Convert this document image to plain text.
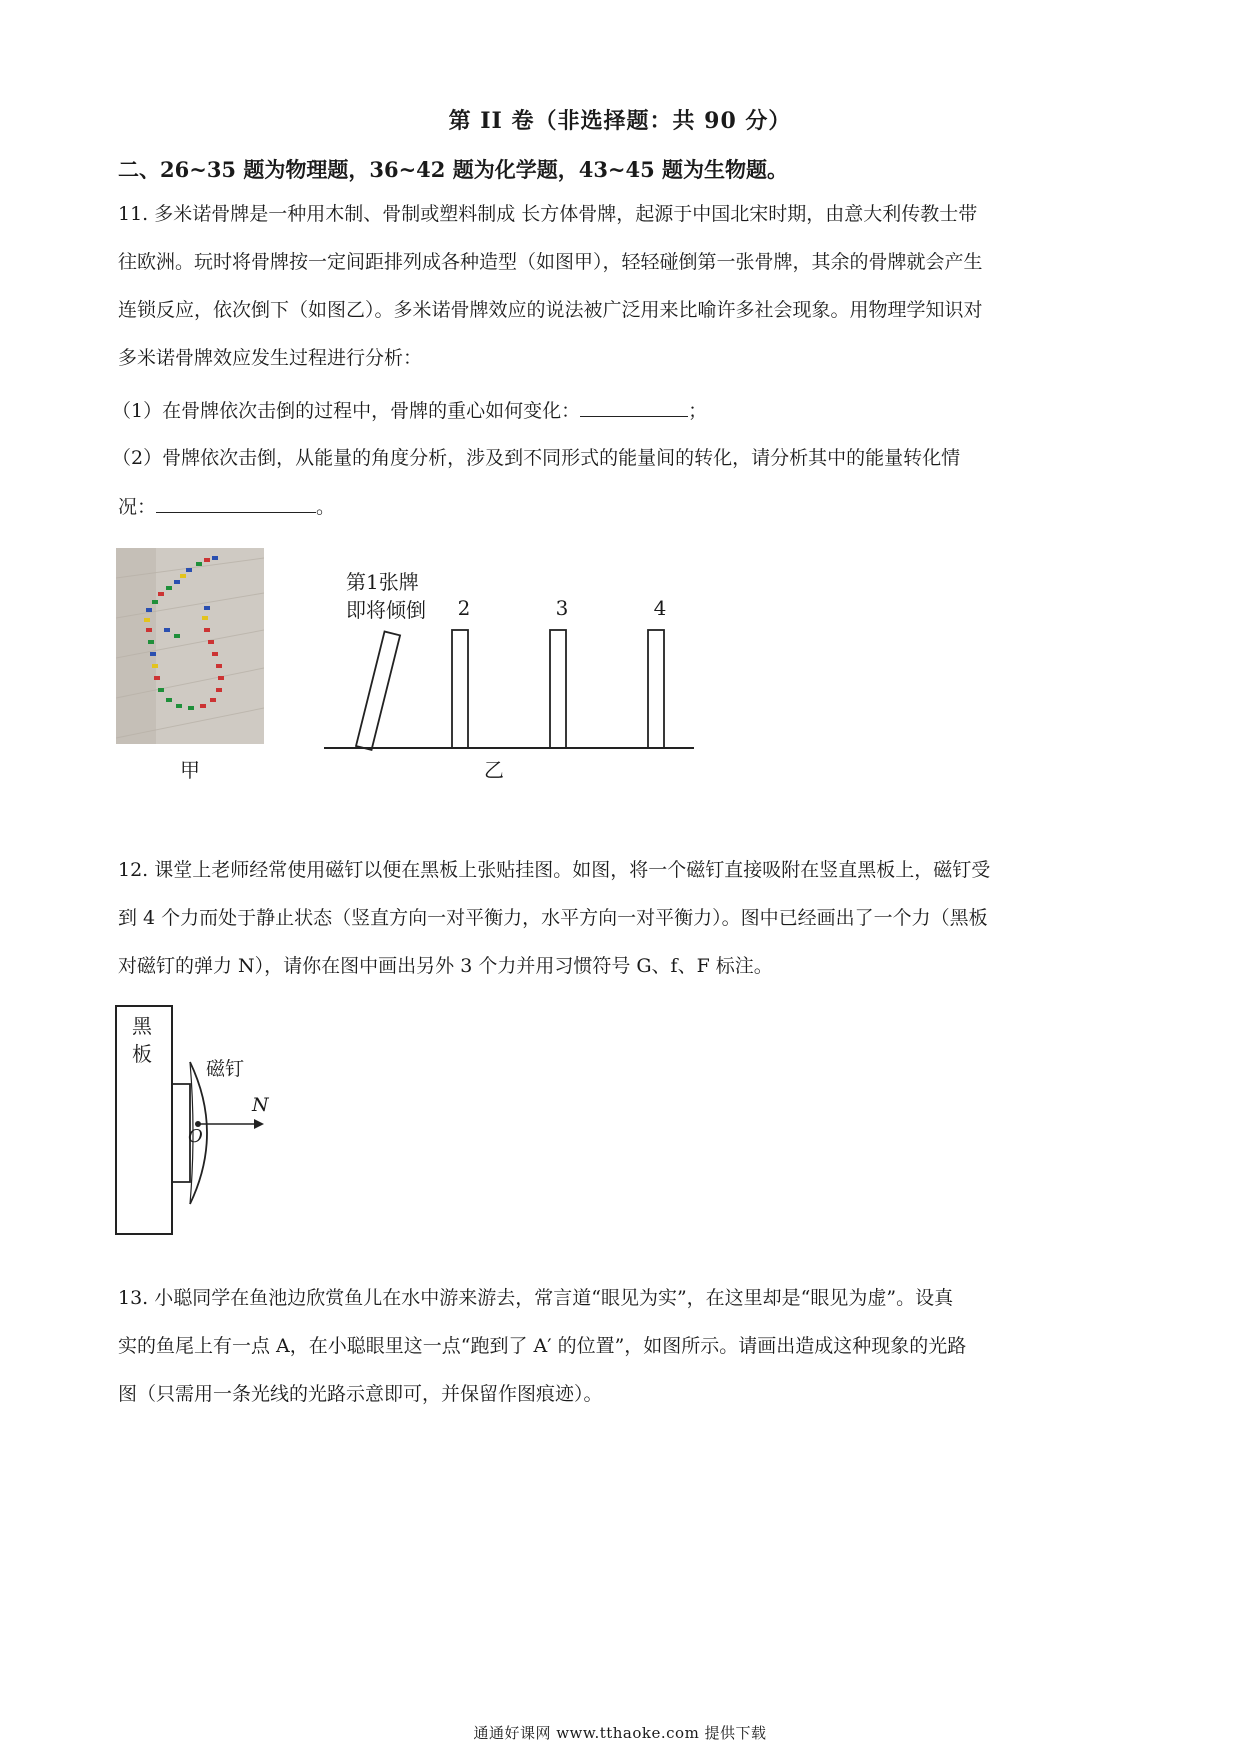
第 II 卷（非选择题：共 90 分）
二、26~35 题为物理题，36~42 题为化学题，43~45 题为生物题。
11. 多米诺骨牌是一种用木制、骨制或塑料制成 长方体骨牌，起源于中国北宋时期，由意大利传教士带
往欧洲。玩时将骨牌按一定间距排列成各种造型（如图甲），轻轻碰倒第一张骨牌，其余的骨牌就会产生
连锁反应，依次倒下（如图乙）。多米诺骨牌效应的说法被广泛用来比喻许多社会现象。用物理学知识对
多米诺骨牌效应发生过程进行分析：
（1）在骨牌依次击倒的过程中，骨牌的重心如何变化：	；
（2）骨牌依次击倒，从能量的角度分析，涉及到不同形式的能量间的转化，请分析其中的能量转化情
况：	。
甲
第1张牌
即将倾倒 2	3	4
乙
12. 课堂上老师经常使用磁钉以便在黑板上张贴挂图。如图，将一个磁钉直接吸附在竖直黑板上，磁钉受
到 4 个力而处于静止状态（竖直方向一对平衡力，水平方向一对平衡力）。图中已经画出了一个力（黑板
对磁钉的弹力 N），请你在图中画出另外 3 个力并用习惯符号 G、f、F 标注。
黑
板
磁钉
N
O
13. 小聪同学在鱼池边欣赏鱼儿在水中游来游去，常言道“眼见为实”，在这里却是“眼见为虚”。设真
实的鱼尾上有一点 A，在小聪眼里这一点“跑到了 A′ 的位置”，如图所示。请画出造成这种现象的光路
图（只需用一条光线的光路示意即可，并保留作图痕迹）。
通通好课网 www.tthaoke.com 提供下载
